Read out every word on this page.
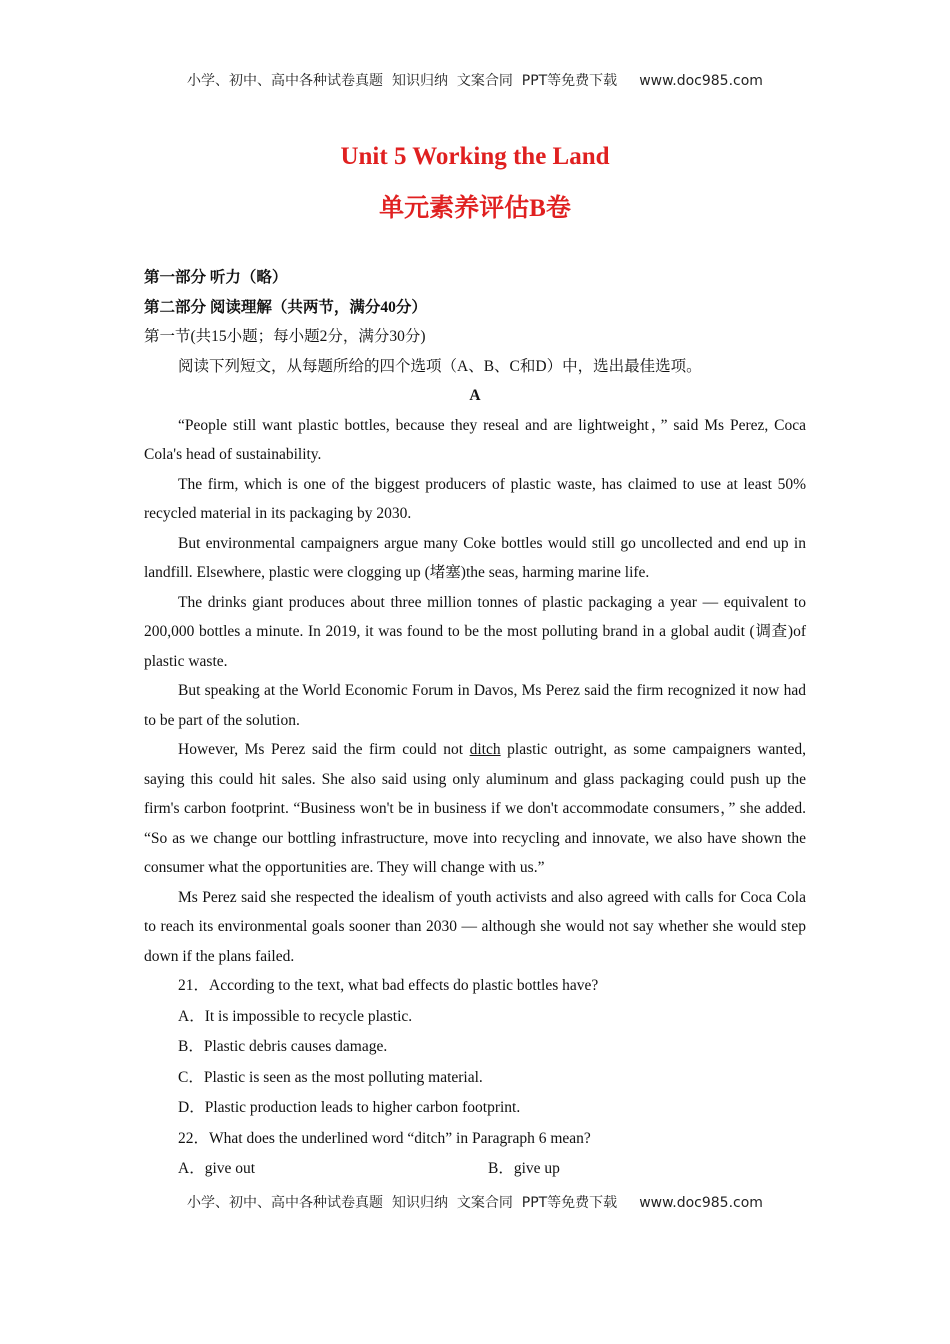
小学、初中、高中各种试卷真题  知识归纳  文案合同  PPT等免费下载 www.doc985.com
Unit 5 Working the Land
单元素养评估B卷
第一部分 听力（略）
第二部分 阅读理解（共两节，满分40分）
第一节(共15小题；每小题2分，满分30分)

阅读下列短文，从每题所给的四个选项（A、B、C和D）中，选出最佳选项。

A

“People still want plastic bottles, because they reseal and are lightweight，” said Ms Perez, Coca Cola's head of sustainability.

The firm, which is one of the biggest producers of plastic waste, has claimed to use at least 50% recycled material in its packaging by 2030.

But environmental campaigners argue many Coke bottles would still go uncollected and end up in landfill. Elsewhere, plastic were clogging up (堵塞)the seas, harming marine life.

The drinks giant produces about three million tonnes of plastic packaging a year — equivalent to 200,000 bottles a minute. In 2019, it was found to be the most polluting brand in a global audit (调查)of plastic waste.

But speaking at the World Economic Forum in Davos, Ms Perez said the firm recognized it now had to be part of the solution.

However, Ms Perez said the firm could not ditch plastic outright, as some campaigners wanted, saying this could hit sales. She also said using only aluminum and glass packaging could push up the firm's carbon footprint. “Business won't be in business if we don't accommodate consumers，” she added. “So as we change our bottling infrastructure, move into recycling and innovate, we also have shown the consumer what the opportunities are. They will change with us.”

Ms Perez said she respected the idealism of youth activists and also agreed with calls for Coca Cola to reach its environmental goals sooner than 2030 — although she would not say whether she would step down if the plans failed.

21．According to the text, what bad effects do plastic bottles have?
A．It is impossible to recycle plastic.
B．Plastic debris causes damage.
C．Plastic is seen as the most polluting material.
D．Plastic production leads to higher carbon footprint.
22．What does the underlined word “ditch” in Paragraph 6 mean?
A．give out	B．give up
小学、初中、高中各种试卷真题  知识归纳  文案合同  PPT等免费下载 www.doc985.com
